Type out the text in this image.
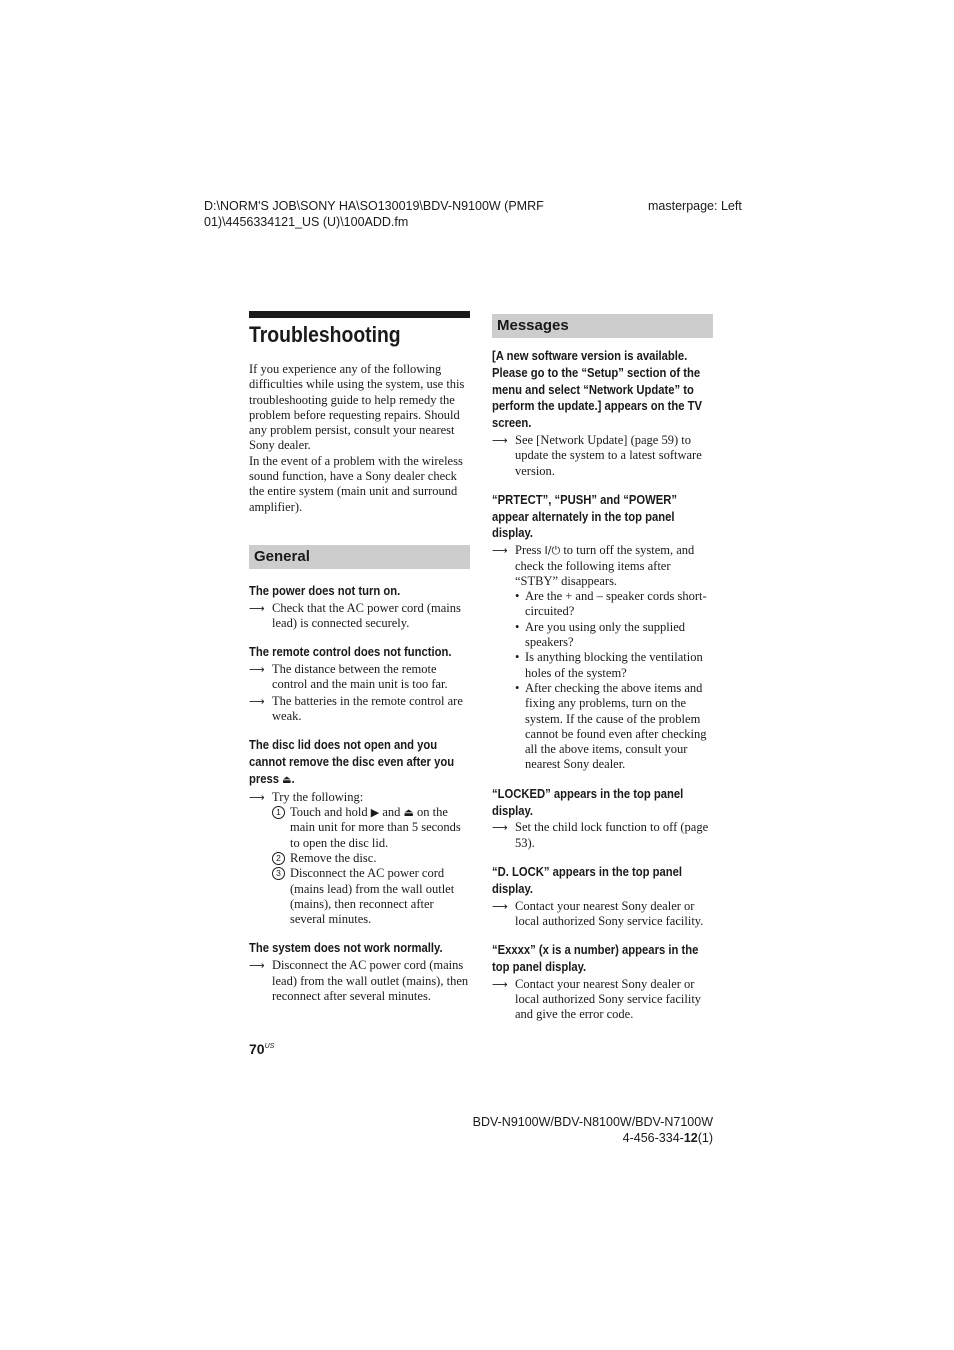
D:\NORM'S JOB\SONY HA\SO130019\BDV-N9100W (PMRF
01)\4456334121_US (U)\100ADD.fm
masterpage: Left
Troubleshooting

If you experience any of the following difficulties while using the system, use this troubleshooting guide to help remedy the problem before requesting repairs. Should any problem persist, consult your nearest Sony dealer.

In the event of a problem with the wireless sound function, have a Sony dealer check the entire system (main unit and surround amplifier).

General
The power does not turn on.
⟶ Check that the AC power cord (mains lead) is connected securely.
The remote control does not function.
⟶ The distance between the remote control and the main unit is too far.
⟶ The batteries in the remote control are weak.
The disc lid does not open and you cannot remove the disc even after you press ⏏.
⟶ Try the following:
1 Touch and hold ▶ and ⏏ on the main unit for more than 5 seconds to open the disc lid.
2 Remove the disc.
3 Disconnect the AC power cord (mains lead) from the wall outlet (mains), then reconnect after several minutes.
The system does not work normally.
⟶ Disconnect the AC power cord (mains lead) from the wall outlet (mains), then reconnect after several minutes.
Messages
[A new software version is available. Please go to the “Setup” section of the menu and select “Network Update” to perform the update.] appears on the TV screen.
⟶ See [Network Update] (page 59) to update the system to a latest software version.
“PRTECT”, “PUSH” and “POWER” appear alternately in the top panel display.
⟶ Press I/⏻ to turn off the system, and check the following items after “STBY” disappears.
• Are the + and – speaker cords short-circuited?
• Are you using only the supplied speakers?
• Is anything blocking the ventilation holes of the system?
• After checking the above items and fixing any problems, turn on the system. If the cause of the problem cannot be found even after checking all the above items, consult your nearest Sony dealer.
“LOCKED” appears in the top panel display.
⟶ Set the child lock function to off (page 53).
“D. LOCK” appears in the top panel display.
⟶ Contact your nearest Sony dealer or local authorized Sony service facility.
“Exxxx” (x is a number) appears in the top panel display.
⟶ Contact your nearest Sony dealer or local authorized Sony service facility and give the error code.
$70^{US}$
BDV-N9100W/BDV-N8100W/BDV-N7100W
4-456-334-12(1)
